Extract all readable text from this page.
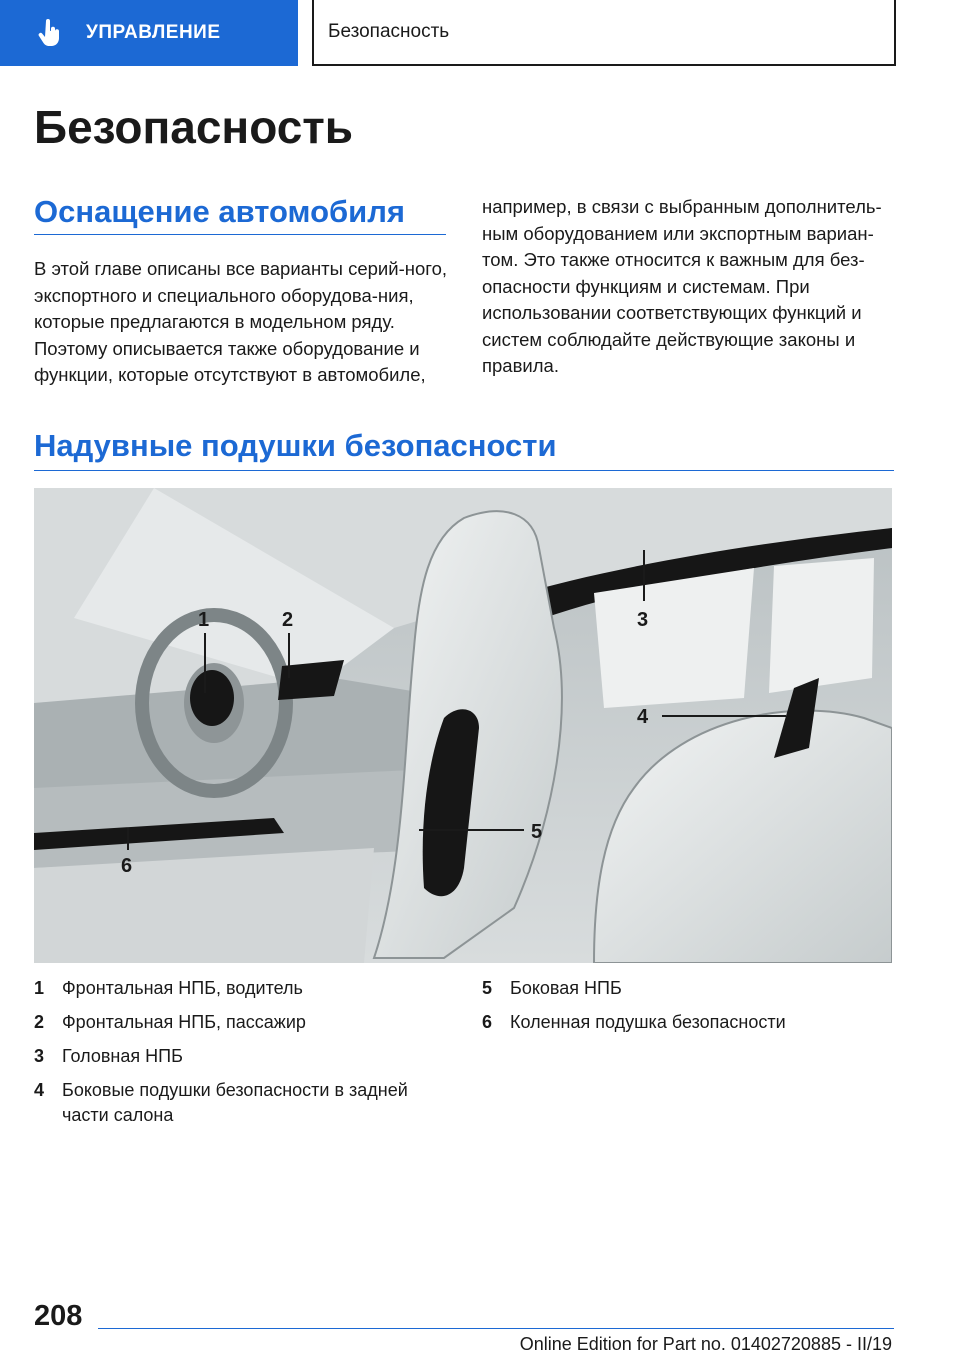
УПРАВЛЕНИЕ	Безопасность
Безопасность
Оснащение автомобиля

В этой главе описаны все варианты серий-ного, экспортного и специального оборудова-ния, которые предлагаются в модельном ряду. Поэтому описывается также оборудование и функции, которые отсутствуют в автомобиле,

например, в связи с выбранным дополнитель-ным оборудованием или экспортным вариан-том. Это также относится к важным для без-опасности функциям и системам. При использовании соответствующих функций и систем соблюдайте действующие законы и правила.

Надувные подушки безопасности
1	2	3
4
5
6
1 Фронтальная НПБ, водитель
2 Фронтальная НПБ, пассажир
3 Головная НПБ
4 Боковые подушки безопасности в задней части салона
5 Боковая НПБ
6 Коленная подушка безопасности
208
Online Edition for Part no. 01402720885 - II/19
